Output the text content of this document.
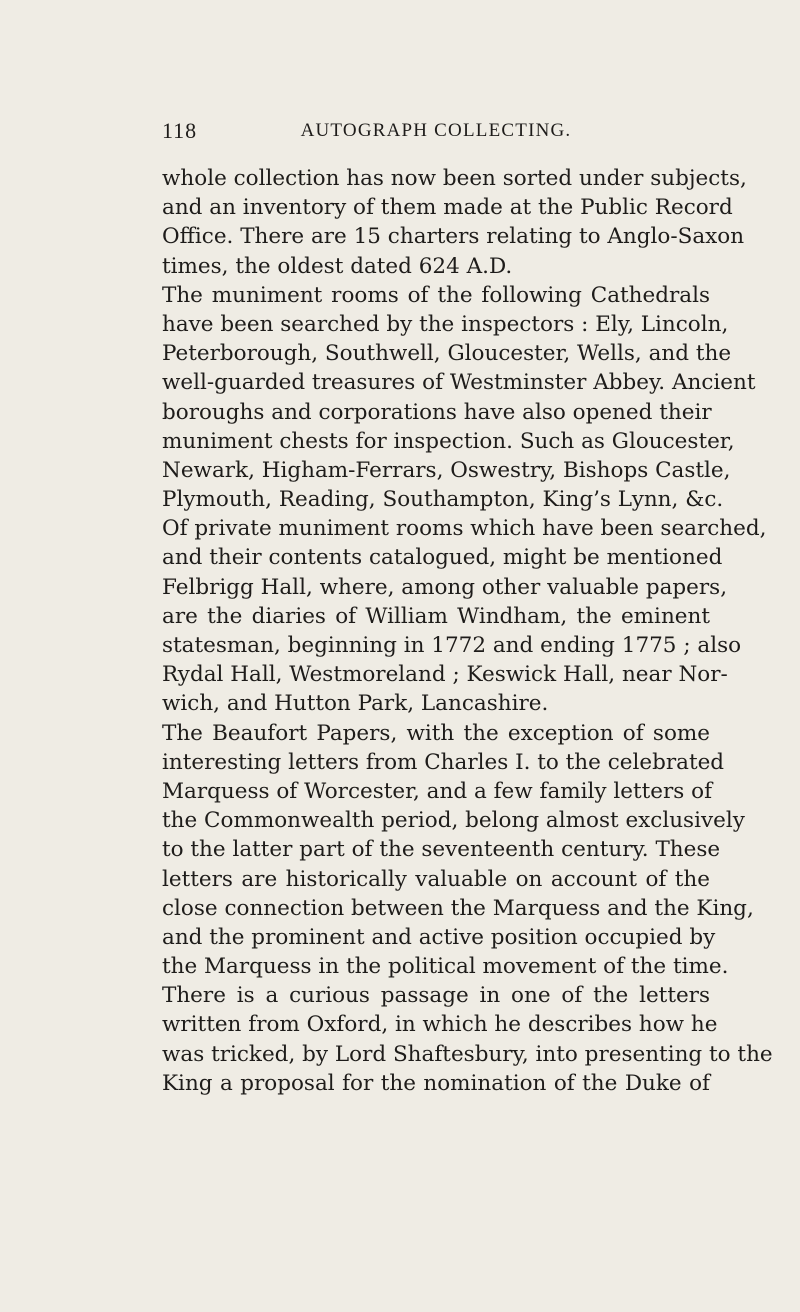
118	AUTOGRAPH COLLECTING.
whole collection has now been sorted under subjects,
and an inventory of them made at the Public Record
Office. There are 15 charters relating to Anglo-Saxon
times, the oldest dated 624 A.D.
The muniment rooms of the following Cathedrals
have been searched by the inspectors : Ely, Lincoln,
Peterborough, Southwell, Gloucester, Wells, and the
well-guarded treasures of Westminster Abbey. Ancient
boroughs and corporations have also opened their
muniment chests for inspection. Such as Gloucester,
Newark, Higham-Ferrars, Oswestry, Bishops Castle,
Plymouth, Reading, Southampton, King’s Lynn, &c.
Of private muniment rooms which have been searched,
and their contents catalogued, might be mentioned
Felbrigg Hall, where, among other valuable papers,
are the diaries of William Windham, the eminent
statesman, beginning in 1772 and ending 1775 ; also
Rydal Hall, Westmoreland ; Keswick Hall, near Nor-
wich, and Hutton Park, Lancashire.
The Beaufort Papers, with the exception of some
interesting letters from Charles I. to the celebrated
Marquess of Worcester, and a few family letters of
the Commonwealth period, belong almost exclusively
to the latter part of the seventeenth century. These
letters are historically valuable on account of the
close connection between the Marquess and the King,
and the prominent and active position occupied by
the Marquess in the political movement of the time.
There is a curious passage in one of the letters
written from Oxford, in which he describes how he
was tricked, by Lord Shaftesbury, into presenting to the
King a proposal for the nomination of the Duke of
